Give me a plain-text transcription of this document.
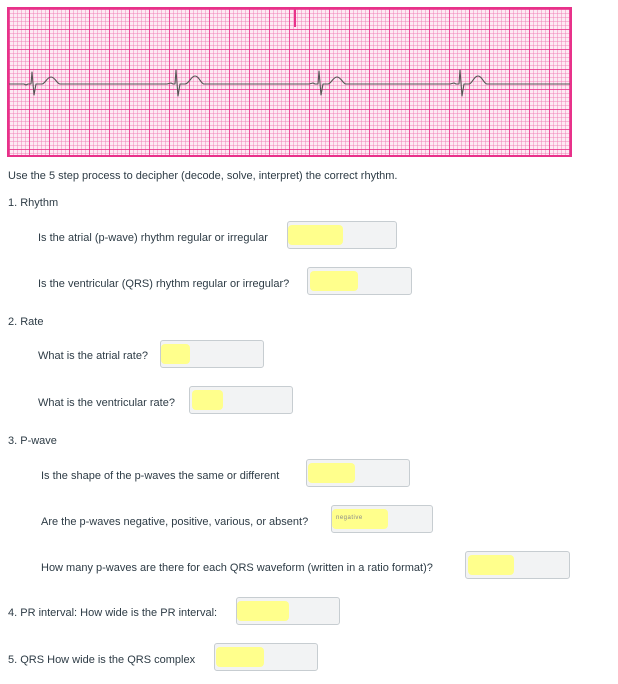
Use the 5 step process to decipher (decode, solve, interpret) the correct rhythm.
1. Rhythm
Is the atrial (p-wave) rhythm regular or irregular
Is the ventricular (QRS) rhythm regular or irregular?
2. Rate
What is the atrial rate?
What is the ventricular rate?
3. P-wave
Is the shape of the p-waves the same or different
Are the p-waves negative, positive, various, or absent?	negative
How many p-waves are there for each QRS waveform (written in a ratio format)?
4. PR interval: How wide is the PR interval:
5. QRS How wide is the QRS complex
